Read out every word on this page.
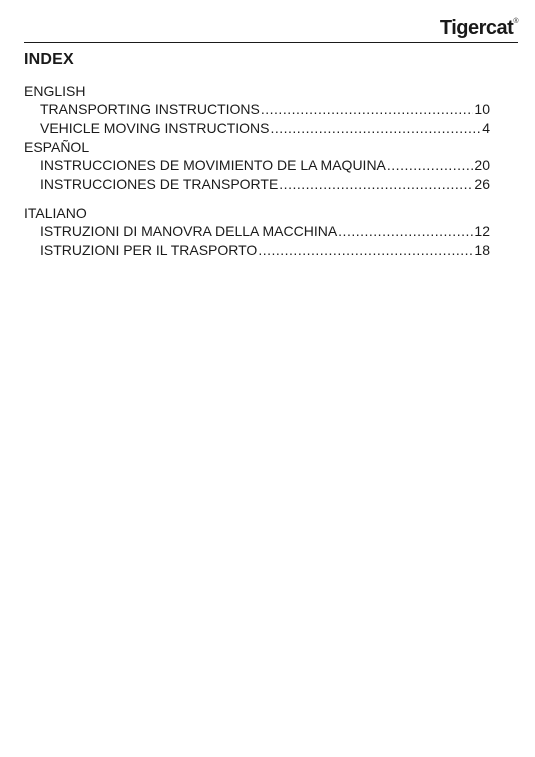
Tigercat®
INDEX
ENGLISH
TRANSPORTING INSTRUCTIONS .....	10
VEHICLE MOVING INSTRUCTIONS .....	4
ESPAÑOL
INSTRUCCIONES DE MOVIMIENTO DE LA MAQUINA .....	20
INSTRUCCIONES DE TRANSPORTE .....	26
ITALIANO
ISTRUZIONI DI MANOVRA DELLA MACCHINA .....	12
ISTRUZIONI PER IL TRASPORTO .....	18
